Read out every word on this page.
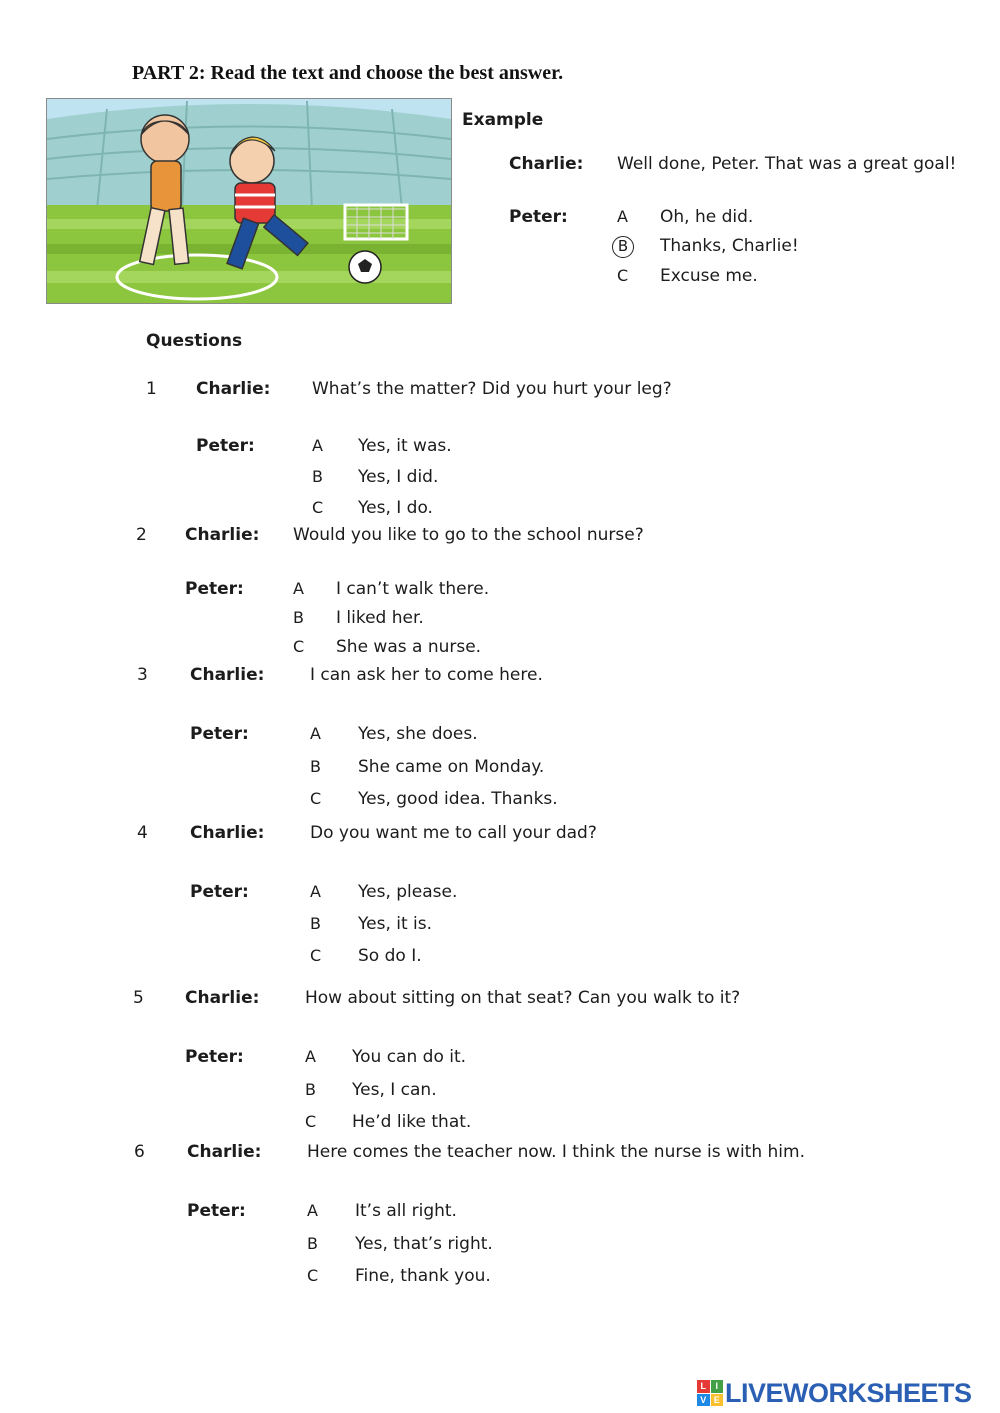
PART 2: Read the text and choose the best answer.
Example
Charlie: Well done, Peter. That was a great goal!
Peter:	A Oh, he did.
B	Thanks, Charlie!
C Excuse me.
Questions
1 Charlie: What’s the matter? Did you hurt your leg?
Peter:	A Yes, it was.
B Yes, I did.
C Yes, I do.
2 Charlie: Would you like to go to the school nurse?
Peter:	A I can’t walk there.
B I liked her.
C She was a nurse.
3 Charlie:	I can ask her to come here.
Peter:	A Yes, she does.
B She came on Monday.
C Yes, good idea. Thanks.
4 Charlie:	Do you want me to call your dad?
Peter:	A Yes, please.
B Yes, it is.
C So do I.
5 Charlie:	How about sitting on that seat? Can you walk to it?
Peter:	A You can do it.
B Yes, I can.
C He’d like that.
6 Charlie:	Here comes the teacher now. I think the nurse is with him.
Peter:	A It’s all right.
B Yes, that’s right.
C Fine, thank you.
L	I
V E LIVEWORKSHEETS
